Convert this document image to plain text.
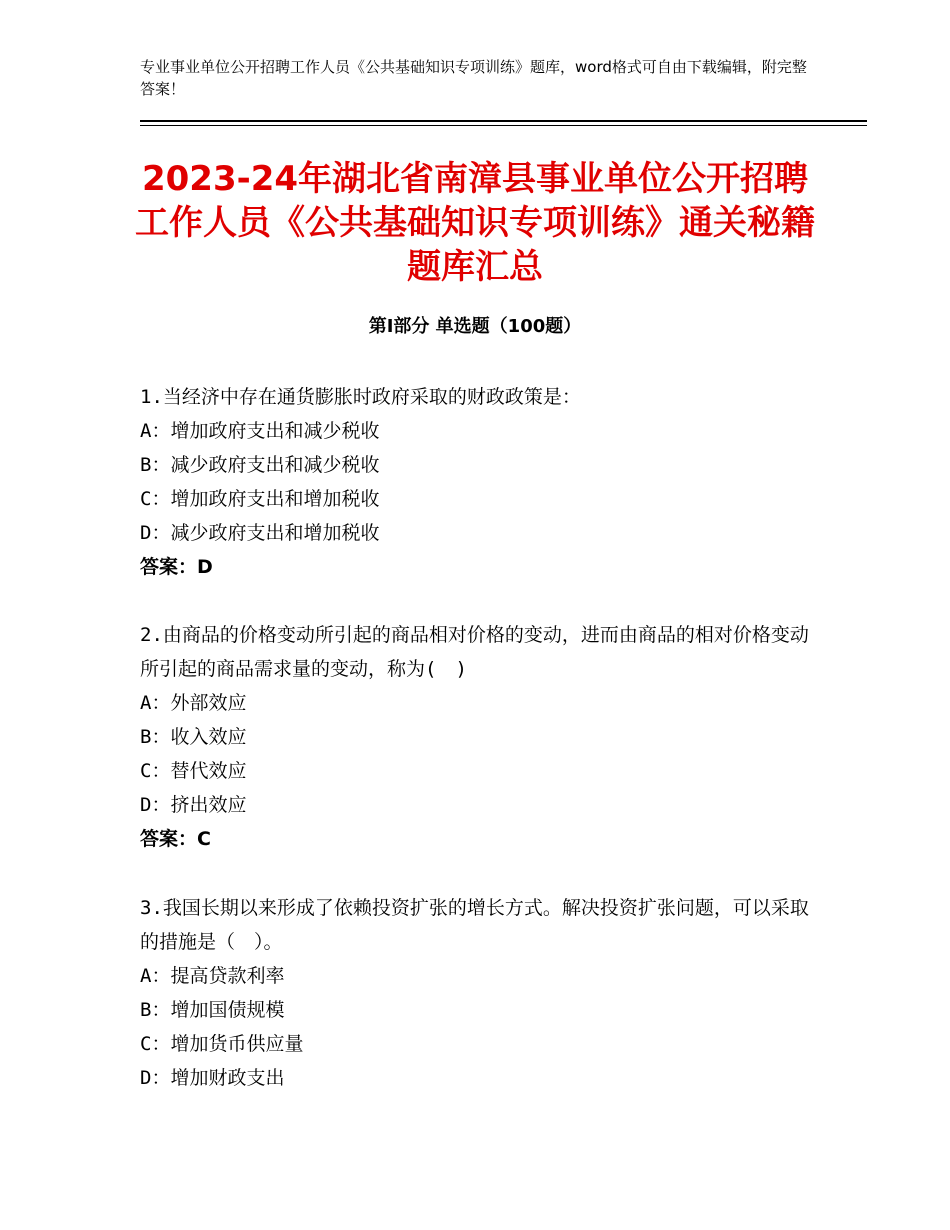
专业事业单位公开招聘工作人员《公共基础知识专项训练》题库，word格式可自由下载编辑，附完整答案！
2023-24年湖北省南漳县事业单位公开招聘工作人员《公共基础知识专项训练》通关秘籍题库汇总
第Ⅰ部分 单选题（100题）

1.当经济中存在通货膨胀时政府采取的财政政策是：

A：增加政府支出和减少税收

B：减少政府支出和减少税收

C：增加政府支出和增加税收

D：减少政府支出和增加税收

答案：D

2.由商品的价格变动所引起的商品相对价格的变动，进而由商品的相对价格变动所引起的商品需求量的变动，称为(　)

A：外部效应

B：收入效应

C：替代效应

D：挤出效应

答案：C

3.我国长期以来形成了依赖投资扩张的增长方式。解决投资扩张问题，可以采取的措施是（　）。

A：提高贷款利率

B：增加国债规模

C：增加货币供应量

D：增加财政支出
